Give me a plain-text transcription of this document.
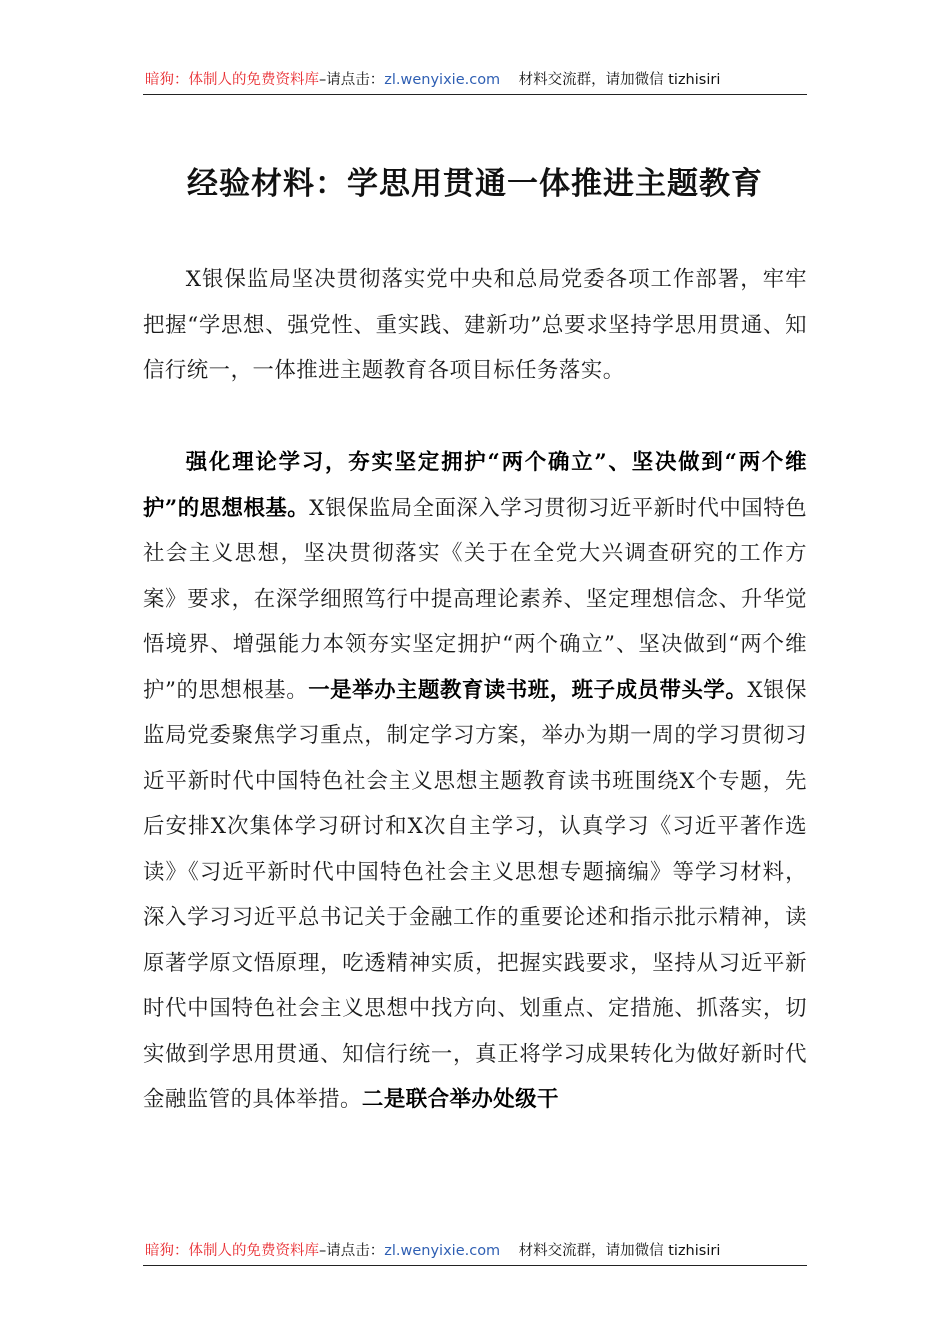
暗狗：体制人的免费资料库–请点击：zl.wenyixie.com 材料交流群，请加微信 tizhisiri
经验材料：学思用贯通一体推进主题教育

X银保监局坚决贯彻落实党中央和总局党委各项工作部署，牢牢把握“学思想、强党性、重实践、建新功”总要求坚持学思用贯通、知信行统一，一体推进主题教育各项目标任务落实。

强化理论学习，夯实坚定拥护“两个确立”、坚决做到“两个维护”的思想根基。X银保监局全面深入学习贯彻习近平新时代中国特色社会主义思想，坚决贯彻落实《关于在全党大兴调查研究的工作方案》要求，在深学细照笃行中提高理论素养、坚定理想信念、升华觉悟境界、增强能力本领夯实坚定拥护“两个确立”、坚决做到“两个维护”的思想根基。一是举办主题教育读书班，班子成员带头学。X银保监局党委聚焦学习重点，制定学习方案，举办为期一周的学习贯彻习近平新时代中国特色社会主义思想主题教育读书班围绕X个专题，先后安排X次集体学习研讨和X次自主学习，认真学习《习近平著作选读》《习近平新时代中国特色社会主义思想专题摘编》等学习材料，深入学习习近平总书记关于金融工作的重要论述和指示批示精神，读原著学原文悟原理，吃透精神实质，把握实践要求，坚持从习近平新时代中国特色社会主义思想中找方向、划重点、定措施、抓落实，切实做到学思用贯通、知信行统一，真正将学习成果转化为做好新时代金融监管的具体举措。二是联合举办处级干

暗狗：体制人的免费资料库–请点击：zl.wenyixie.com 材料交流群，请加微信 tizhisiri
